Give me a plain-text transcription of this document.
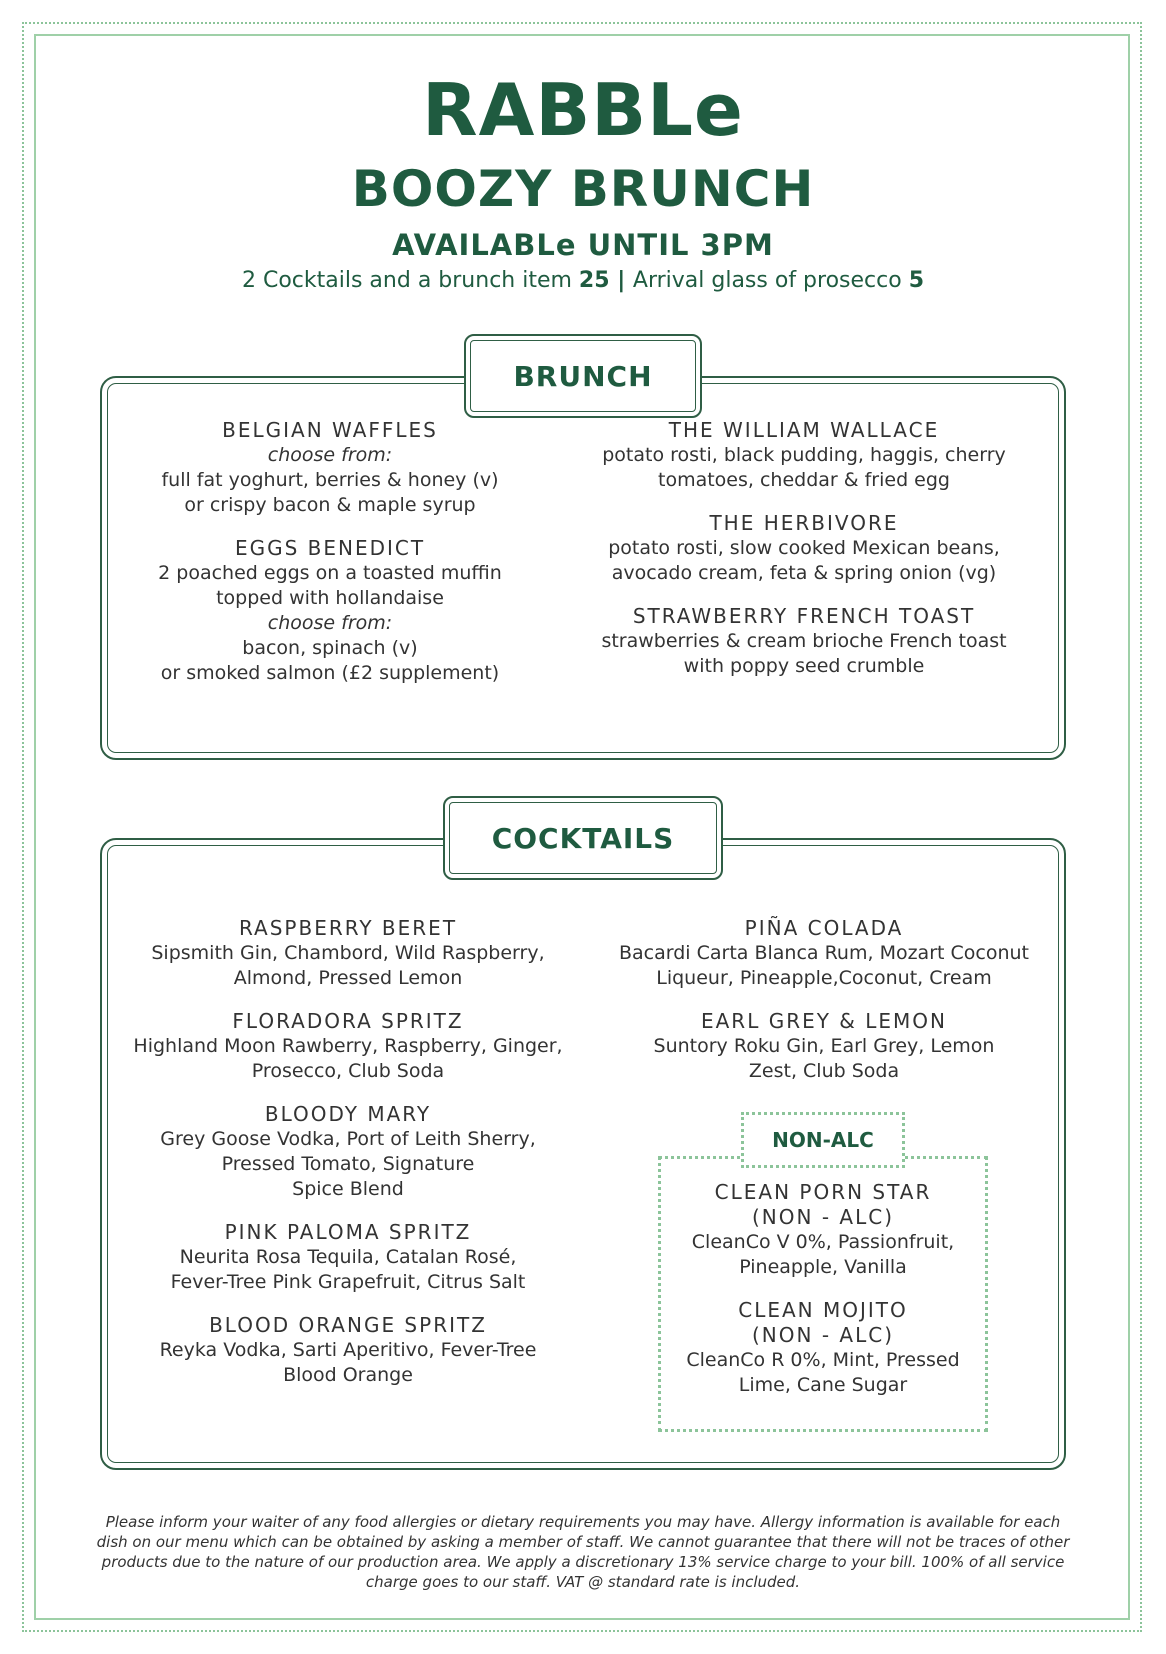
RABBLe
BOOZY BRUNCH
AVAILABLe UNTIL 3PM
2 Cocktails and a brunch item 25 | Arrival glass of prosecco 5
BRUNCH
BELGIAN WAFFLES
choose from:
full fat yoghurt, berries & honey (v)
or crispy bacon & maple syrup
EGGS BENEDICT
2 poached eggs on a toasted muffin
topped with hollandaise
choose from:
bacon, spinach (v)
or smoked salmon (£2 supplement)
THE WILLIAM WALLACE
potato rosti, black pudding, haggis, cherry
tomatoes, cheddar & fried egg
THE HERBIVORE
potato rosti, slow cooked Mexican beans,
avocado cream, feta & spring onion (vg)
STRAWBERRY FRENCH TOAST
strawberries & cream brioche French toast
with poppy seed crumble
COCKTAILS
RASPBERRY BERET
Sipsmith Gin, Chambord, Wild Raspberry,
Almond, Pressed Lemon
FLORADORA SPRITZ
Highland Moon Rawberry, Raspberry, Ginger,
Prosecco, Club Soda
BLOODY MARY
Grey Goose Vodka, Port of Leith Sherry,
Pressed Tomato, Signature
Spice Blend
PINK PALOMA SPRITZ
Neurita Rosa Tequila, Catalan Rosé,
Fever-Tree Pink Grapefruit, Citrus Salt
BLOOD ORANGE SPRITZ
Reyka Vodka, Sarti Aperitivo, Fever-Tree
Blood Orange
PIÑA COLADA
Bacardi Carta Blanca Rum, Mozart Coconut
Liqueur, Pineapple,Coconut, Cream
EARL GREY & LEMON
Suntory Roku Gin, Earl Grey, Lemon
Zest, Club Soda
NON-ALC
CLEAN PORN STAR
(NON - ALC)
CleanCo V 0%, Passionfruit,
Pineapple, Vanilla
CLEAN MOJITO
(NON - ALC)
CleanCo R 0%, Mint, Pressed
Lime, Cane Sugar
Please inform your waiter of any food allergies or dietary requirements you may have. Allergy information is available for each dish on our menu which can be obtained by asking a member of staff. We cannot guarantee that there will not be traces of other products due to the nature of our production area. We apply a discretionary 13% service charge to your bill. 100% of all service charge goes to our staff. VAT @ standard rate is included.
